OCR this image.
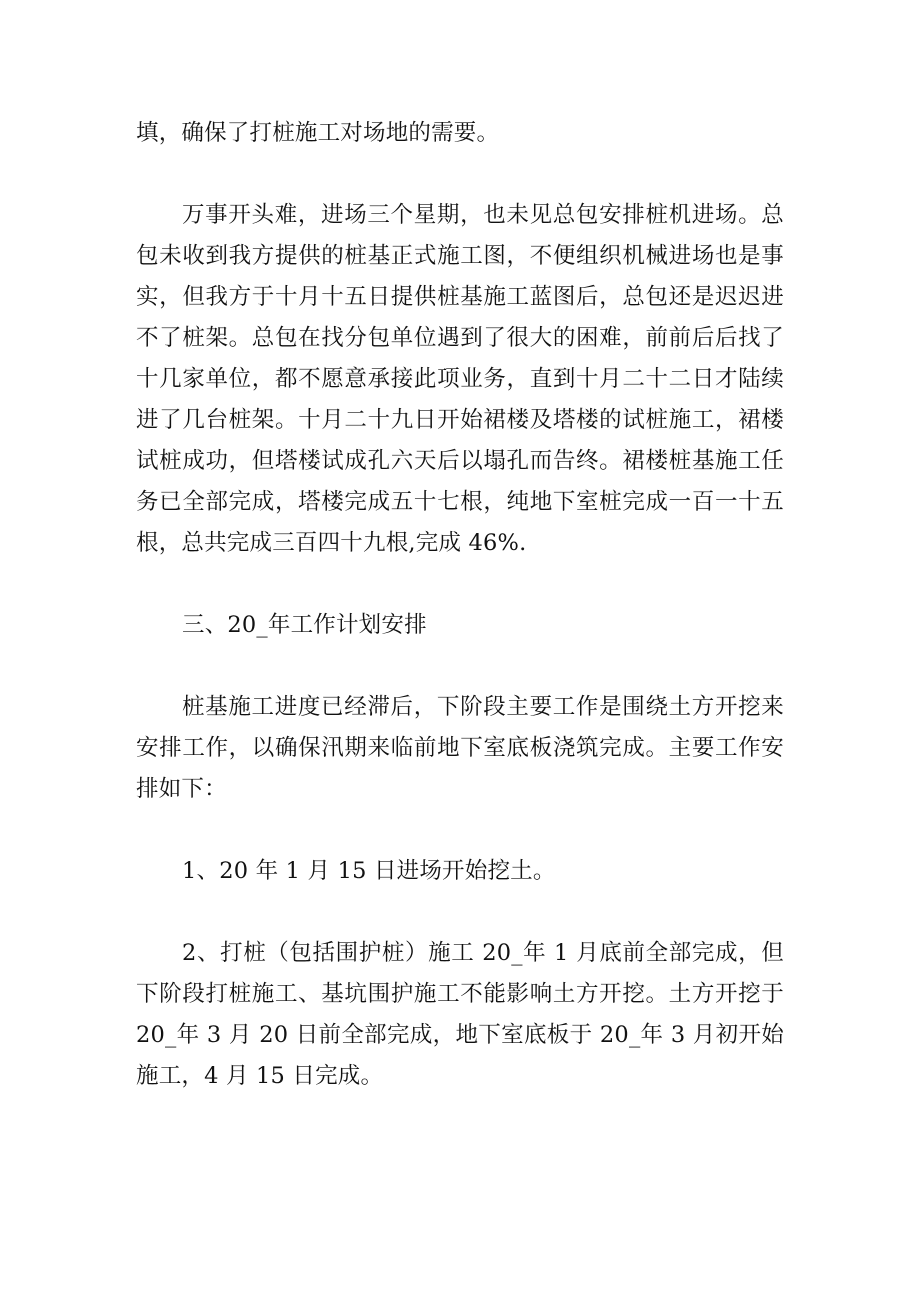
填，确保了打桩施工对场地的需要。

万事开头难，进场三个星期，也未见总包安排桩机进场。总包未收到我方提供的桩基正式施工图，不便组织机械进场也是事实，但我方于十月十五日提供桩基施工蓝图后，总包还是迟迟进不了桩架。总包在找分包单位遇到了很大的困难，前前后后找了十几家单位，都不愿意承接此项业务，直到十月二十二日才陆续进了几台桩架。十月二十九日开始裙楼及塔楼的试桩施工，裙楼试桩成功，但塔楼试成孔六天后以塌孔而告终。裙楼桩基施工任务已全部完成，塔楼完成五十七根，纯地下室桩完成一百一十五根，总共完成三百四十九根,完成 46%.

三、20_年工作计划安排

桩基施工进度已经滞后，下阶段主要工作是围绕土方开挖来安排工作，以确保汛期来临前地下室底板浇筑完成。主要工作安排如下：

1、20 年 1 月 15 日进场开始挖土。

2、打桩（包括围护桩）施工 20_年 1 月底前全部完成，但下阶段打桩施工、基坑围护施工不能影响土方开挖。土方开挖于 20_年 3 月 20 日前全部完成，地下室底板于 20_年 3 月初开始施工，4 月 15 日完成。
